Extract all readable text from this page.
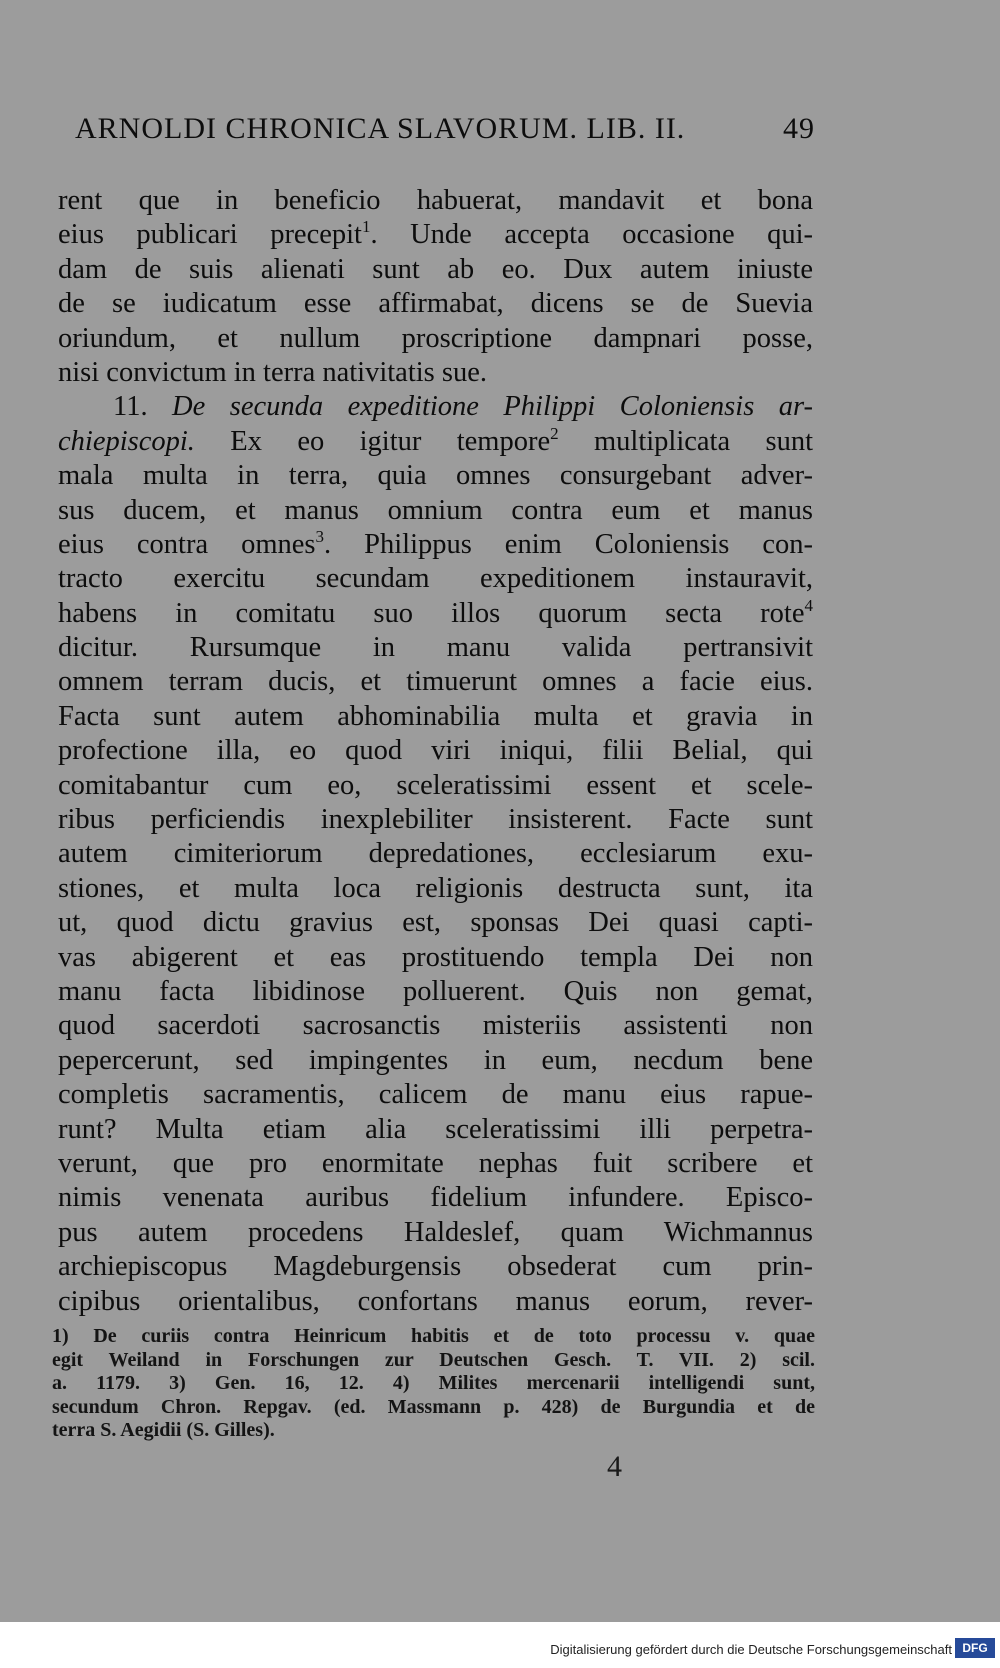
ARNOLDI CHRONICA SLAVORUM. LIB. II.	49
rent que in beneficio habuerat, mandavit et bona
eius publicari precepit$^1$. Unde accepta occasione qui-
dam de suis alienati sunt ab eo. Dux autem iniuste
de se iudicatum esse affirmabat, dicens se de Suevia
oriundum, et nullum proscriptione dampnari posse,
nisi convictum in terra nativitatis sue.
11. De secunda expeditione Philippi Coloniensis ar-
chiepiscopi. Ex eo igitur tempore$^2$ multiplicata sunt
mala multa in terra, quia omnes consurgebant adver-
sus ducem, et manus omnium contra eum et manus
eius contra omnes$^3$. Philippus enim Coloniensis con-
tracto exercitu secundam expeditionem instauravit,
habens in comitatu suo illos quorum secta rote$^4$
dicitur. Rursumque in manu valida pertransivit
omnem terram ducis, et timuerunt omnes a facie eius.
Facta sunt autem abhominabilia multa et gravia in
profectione illa, eo quod viri iniqui, filii Belial, qui
comitabantur cum eo, sceleratissimi essent et scele-
ribus perficiendis inexplebiliter insisterent. Facte sunt
autem cimiteriorum depredationes, ecclesiarum exu-
stiones, et multa loca religionis destructa sunt, ita
ut, quod dictu gravius est, sponsas Dei quasi capti-
vas abigerent et eas prostituendo templa Dei non
manu facta libidinose polluerent. Quis non gemat,
quod sacerdoti sacrosanctis misteriis assistenti non
pepercerunt, sed impingentes in eum, necdum bene
completis sacramentis, calicem de manu eius rapue-
runt? Multa etiam alia sceleratissimi illi perpetra-
verunt, que pro enormitate nephas fuit scribere et
nimis venenata auribus fidelium infundere. Episco-
pus autem procedens Haldeslef, quam Wichmannus
archiepiscopus Magdeburgensis obsederat cum prin-
cipibus orientalibus, confortans manus eorum, rever-
1) De curiis contra Heinricum habitis et de toto processu v. quae
egit Weiland in Forschungen zur Deutschen Gesch. T. VII. 2) scil.
a. 1179. 3) Gen. 16, 12. 4) Milites mercenarii intelligendi sunt,
secundum Chron. Repgav. (ed. Massmann p. 428) de Burgundia et de
terra S. Aegidii (S. Gilles).
4
Digitalisierung gefördert durch die Deutsche Forschungsgemeinschaft DFG
